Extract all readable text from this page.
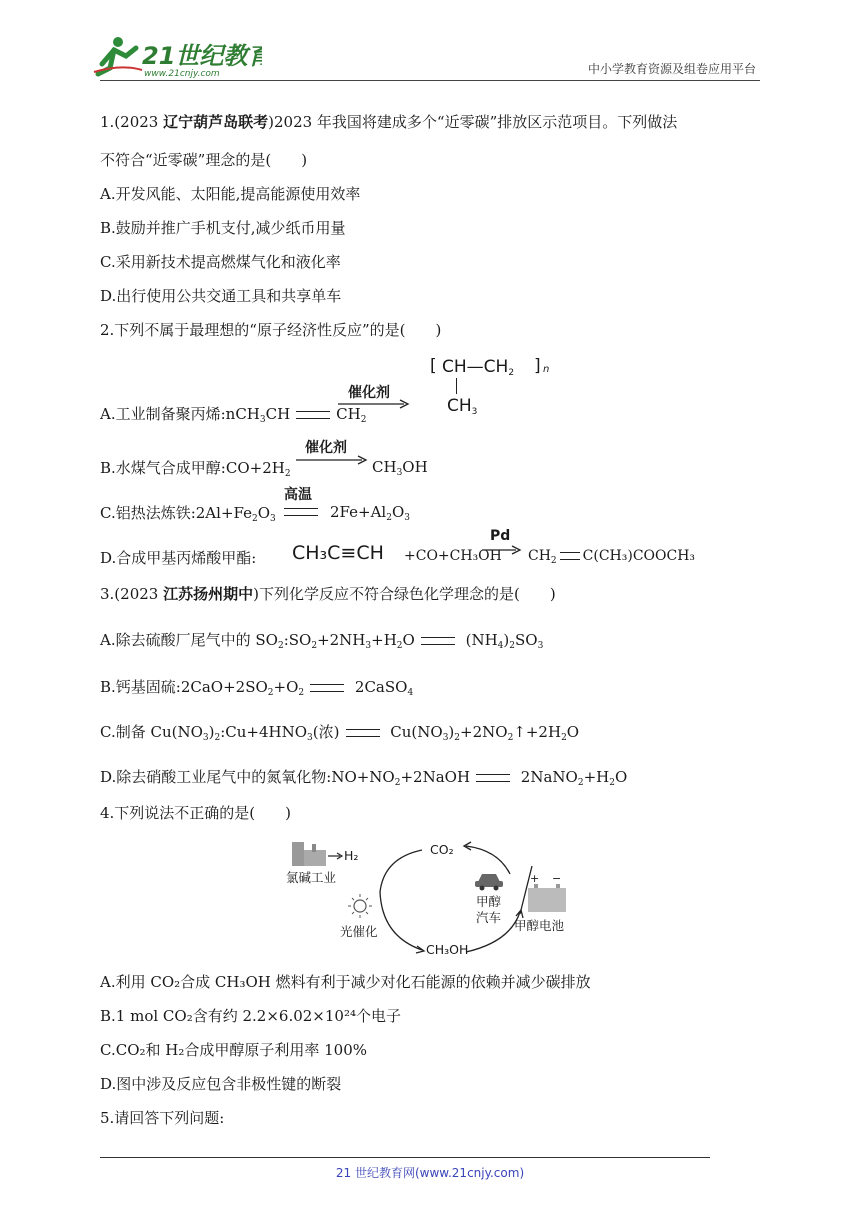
21世纪教育
www.21cnjy.com	中小学教育资源及组卷应用平台
1.(2023 辽宁葫芦岛联考)2023 年我国将建成多个“近零碳”排放区示范项目。下列做法
不符合“近零碳”理念的是(　　)
A.开发风能、太阳能,提高能源使用效率
B.鼓励并推广手机支付,减少纸币用量
C.采用新技术提高燃煤气化和液化率
D.出行使用公共交通工具和共享单车
2.下列不属于最理想的“原子经济性反应”的是(　　)
A.工业制备聚丙烯:nCH$_3$CH	$CH_2$
催化剂
[ $CH—CH_2$ ] n
$CH_3$
B.水煤气合成甲醇$:CO+2H_2$
催化剂
$CH_3OH$
C.铝热法炼铁$:2Al+Fe_2O_3$
高温
$2Fe+Al_2O_3$
D.合成甲基丙烯酸甲酯: CH₃C≡CH +CO+CH₃OH
Pd
→ $CH_2$ C(CH₃)COOCH₃
3.(2023 江苏扬州期中)下列化学反应不符合绿色化学理念的是(　　)
A.除去硫酸厂尾气中的 $SO_2:SO_2+2NH_3+H_2O$	$(NH_4)_2SO_3$
B.钙基固硫$:2CaO+2SO_2+O_2$	2CaSO$_4$
C.制备 $Cu(NO_3)_2:Cu+4HNO_3$(浓)	$Cu(NO_3)_2+2NO_2↑+2H_2O$
D.除去硝酸工业尾气中的氮氧化物$:NO+NO_2+2NaOH$	$2NaNO_2+H_2O$
4.下列说法不正确的是(　　)
氯碱工业
H₂	CO₂
光催化
CH₃OH
甲醇汽车
甲醇电池
+ −
A.利用 CO₂合成 CH₃OH 燃料有利于减少对化石能源的依赖并减少碳排放
B.1 mol CO₂含有约 2.2×6.02×10²⁴个电子
C.CO₂和 H₂合成甲醇原子利用率 100%
D.图中涉及反应包含非极性键的断裂
5.请回答下列问题:
21 世纪教育网(www.21cnjy.com)
